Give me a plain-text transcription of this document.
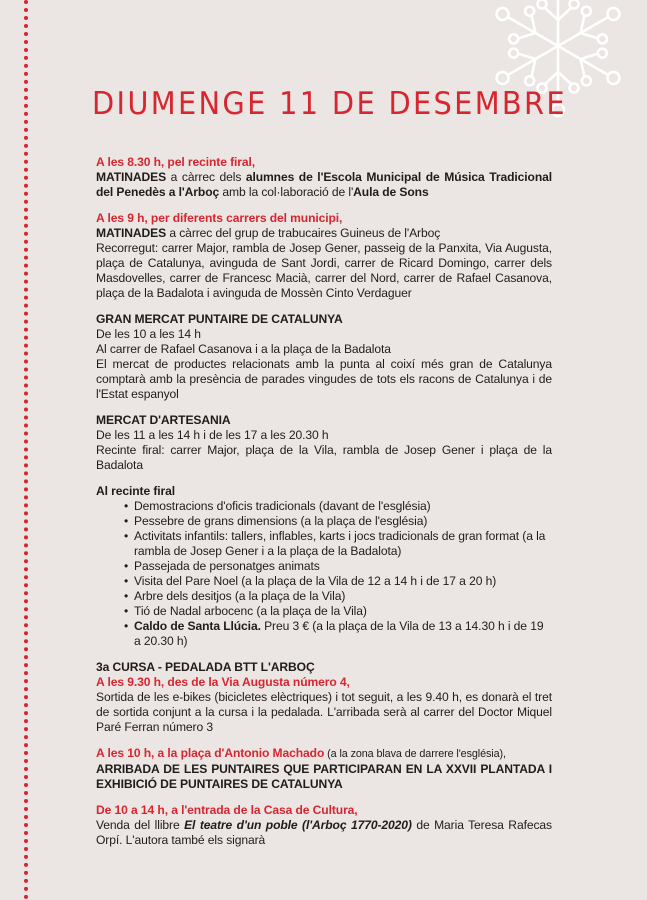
DIUMENGE 11 DE DESEMBRE
A les 8.30 h, pel recinte firal,
MATINADES a càrrec dels alumnes de l'Escola Municipal de Música Tradicional del Penedès a l'Arboç amb la col·laboració de l'Aula de Sons
A les 9 h, per diferents carrers del municipi,
MATINADES a càrrec del grup de trabucaires Guineus de l'Arboç
Recorregut: carrer Major, rambla de Josep Gener, passeig de la Panxita, Via Augusta, plaça de Catalunya, avinguda de Sant Jordi, carrer de Ricard Domingo, carrer dels Masdovelles, carrer de Francesc Macià, carrer del Nord, carrer de Rafael Casanova, plaça de la Badalota i avinguda de Mossèn Cinto Verdaguer
GRAN MERCAT PUNTAIRE DE CATALUNYA
De les 10 a les 14 h
Al carrer de Rafael Casanova i a la plaça de la Badalota
El mercat de productes relacionats amb la punta al coixí més gran de Catalunya comptarà amb la presència de parades vingudes de tots els racons de Catalunya i de l'Estat espanyol
MERCAT D'ARTESANIA
De les 11 a les 14 h i de les 17 a les 20.30 h
Recinte firal: carrer Major, plaça de la Vila, rambla de Josep Gener i plaça de la Badalota
Al recinte firal
• Demostracions d'oficis tradicionals (davant de l'església)
• Pessebre de grans dimensions (a la plaça de l'església)
• Activitats infantils: tallers, inflables, karts i jocs tradicionals de gran format (a la rambla de Josep Gener i a la plaça de la Badalota)
• Passejada de personatges animats
• Visita del Pare Noel (a la plaça de la Vila de 12 a 14 h i de 17 a 20 h)
• Arbre dels desitjos (a la plaça de la Vila)
• Tió de Nadal arbocenc (a la plaça de la Vila)
• Caldo de Santa Llúcia. Preu 3 € (a la plaça de la Vila de 13 a 14.30 h i de 19 a 20.30 h)
3a CURSA - PEDALADA BTT L'ARBOÇ
A les 9.30 h, des de la Via Augusta número 4,
Sortida de les e-bikes (bicicletes elèctriques) i tot seguit, a les 9.40 h, es donarà el tret de sortida conjunt a la cursa i la pedalada. L'arribada serà al carrer del Doctor Miquel Paré Ferran número 3
A les 10 h, a la plaça d'Antonio Machado (a la zona blava de darrere l'església),
ARRIBADA DE LES PUNTAIRES QUE PARTICIPARAN EN LA XXVII PLANTADA I EXHIBICIÓ DE PUNTAIRES DE CATALUNYA
De 10 a 14 h, a l'entrada de la Casa de Cultura,
Venda del llibre El teatre d'un poble (l'Arboç 1770-2020) de Maria Teresa Rafecas Orpí. L'autora també els signarà
